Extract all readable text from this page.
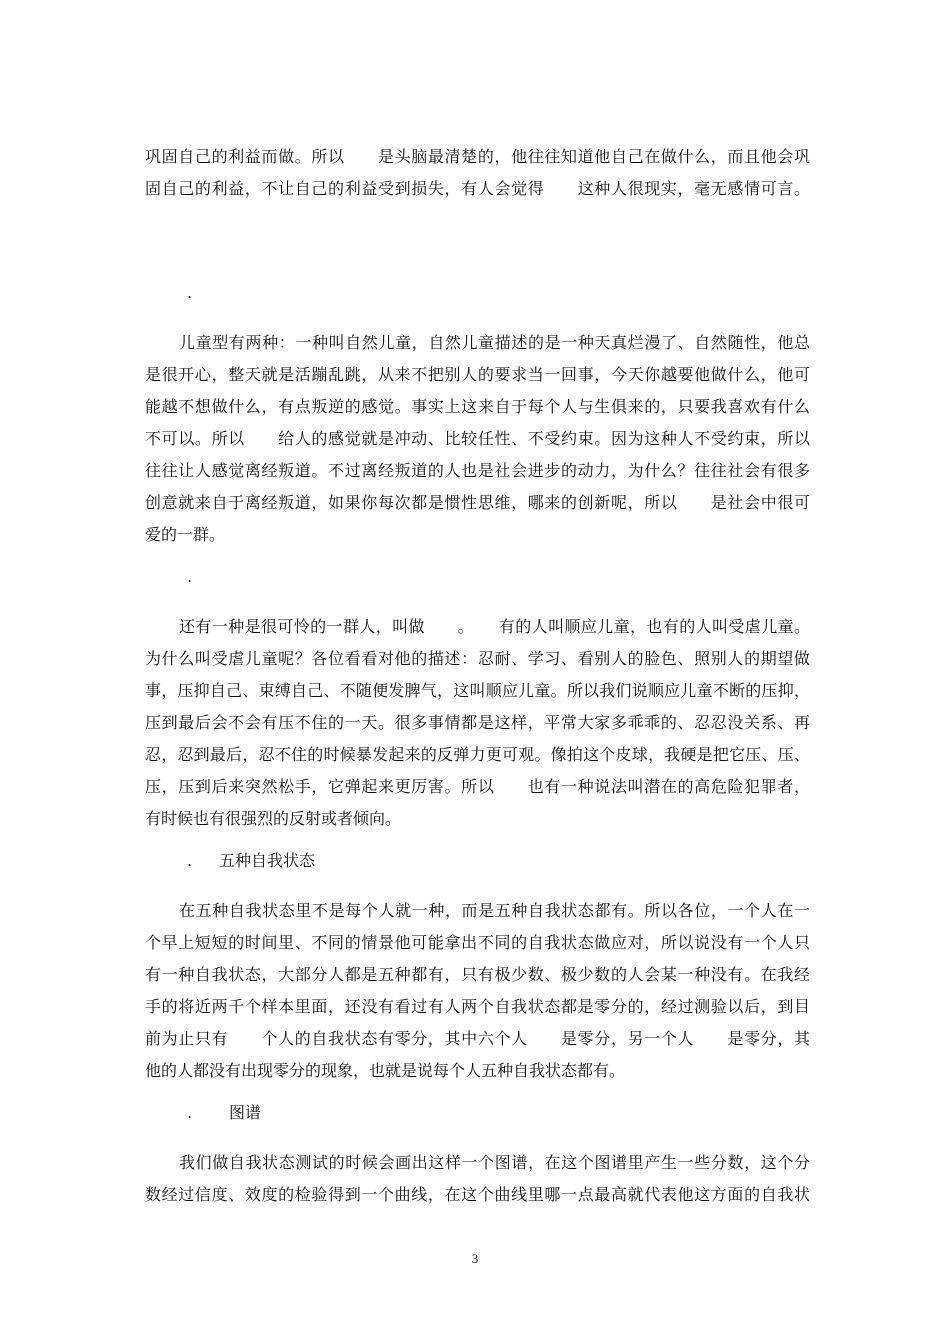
巩固自己的利益而做。所以　　是头脑最清楚的，他往往知道他自己在做什么，而且他会巩
固自己的利益，不让自己的利益受到损失，有人会觉得　　这种人很现实，毫无感情可言。
.
儿童型有两种：一种叫自然儿童，自然儿童描述的是一种天真烂漫了、自然随性，他总
是很开心，整天就是活蹦乱跳，从来不把别人的要求当一回事，今天你越要他做什么，他可
能越不想做什么，有点叛逆的感觉。事实上这来自于每个人与生俱来的，只要我喜欢有什么
不可以。所以　　给人的感觉就是冲动、比较任性、不受约束。因为这种人不受约束，所以
往往让人感觉离经叛道。不过离经叛道的人也是社会进步的动力，为什么？往往社会有很多
创意就来自于离经叛道，如果你每次都是惯性思维，哪来的创新呢，所以　　是社会中很可
爱的一群。
.
还有一种是很可怜的一群人，叫做　　。　　有的人叫顺应儿童，也有的人叫受虐儿童。
为什么叫受虐儿童呢？各位看看对他的描述：忍耐、学习、看别人的脸色、照别人的期望做
事，压抑自己、束缚自己、不随便发脾气，这叫顺应儿童。所以我们说顺应儿童不断的压抑，
压到最后会不会有压不住的一天。很多事情都是这样，平常大家多乖乖的、忍忍没关系、再
忍，忍到最后，忍不住的时候暴发起来的反弹力更可观。像拍这个皮球，我硬是把它压、压、
压，压到后来突然松手，它弹起来更厉害。所以　　也有一种说法叫潜在的高危险犯罪者，
有时候也有很强烈的反射或者倾向。
. 五种自我状态
在五种自我状态里不是每个人就一种，而是五种自我状态都有。所以各位，一个人在一
个早上短短的时间里、不同的情景他可能拿出不同的自我状态做应对，所以说没有一个人只
有一种自我状态，大部分人都是五种都有，只有极少数、极少数的人会某一种没有。在我经
手的将近两千个样本里面，还没有看过有人两个自我状态都是零分的，经过测验以后，到目
前为止只有　　个人的自我状态有零分，其中六个人　　是零分，另一个人　　是零分，其
他的人都没有出现零分的现象，也就是说每个人五种自我状态都有。
. 图谱
我们做自我状态测试的时候会画出这样一个图谱，在这个图谱里产生一些分数，这个分
数经过信度、效度的检验得到一个曲线，在这个曲线里哪一点最高就代表他这方面的自我状
3
